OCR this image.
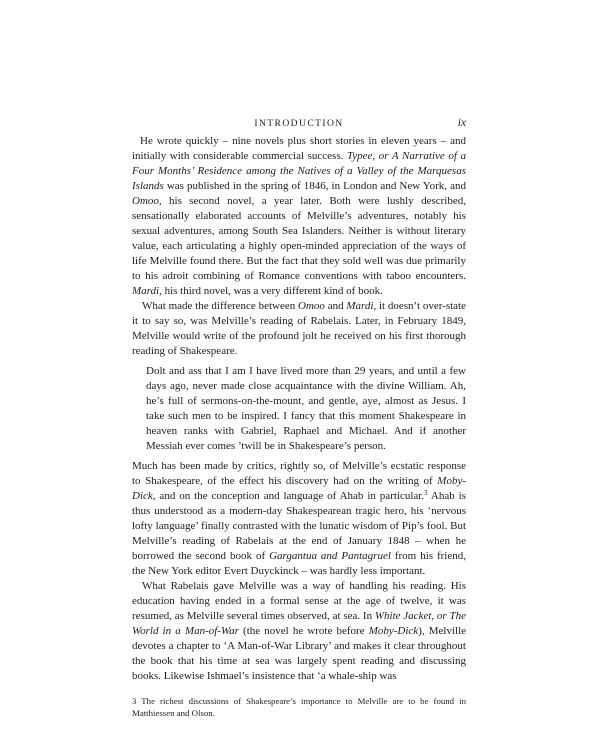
INTRODUCTION	ix

He wrote quickly – nine novels plus short stories in eleven years – and initially with considerable commercial success. Typee, or A Narrative of a Four Months’ Residence among the Natives of a Valley of the Marquesas Islands was published in the spring of 1846, in London and New York, and Omoo, his second novel, a year later. Both were lushly described, sensationally elaborated accounts of Melville’s adventures, notably his sexual adventures, among South Sea Islanders. Neither is without literary value, each articulating a highly open-minded appreciation of the ways of life Melville found there. But the fact that they sold well was due primarily to his adroit combining of Romance conventions with taboo encounters. Mardi, his third novel, was a very different kind of book.

What made the difference between Omoo and Mardi, it doesn’t over-state it to say so, was Melville’s reading of Rabelais. Later, in February 1849, Melville would write of the profound jolt he received on his first thorough reading of Shakespeare.

Dolt and ass that I am I have lived more than 29 years, and until a few days ago, never made close acquaintance with the divine William. Ah, he’s full of sermons-on-the-mount, and gentle, aye, almost as Jesus. I take such men to be inspired. I fancy that this moment Shakespeare in heaven ranks with Gabriel, Raphael and Michael. And if another Messiah ever comes ’twill be in Shakespeare’s person.

Much has been made by critics, rightly so, of Melville’s ecstatic response to Shakespeare, of the effect his discovery had on the writing of Moby-Dick, and on the conception and language of Ahab in particular.$^3$ Ahab is thus understood as a modern-day Shakespearean tragic hero, his ‘nervous lofty language’ finally contrasted with the lunatic wisdom of Pip’s fool. But Melville’s reading of Rabelais at the end of January 1848 – when he borrowed the second book of Gargantua and Pantagruel from his friend, the New York editor Evert Duyckinck – was hardly less important.

What Rabelais gave Melville was a way of handling his reading. His education having ended in a formal sense at the age of twelve, it was resumed, as Melville several times observed, at sea. In White Jacket, or The World in a Man-of-War (the novel he wrote before Moby-Dick), Melville devotes a chapter to ‘A Man-of-War Library’ and makes it clear throughout the book that his time at sea was largely spent reading and discussing books. Likewise Ishmael’s insistence that ‘a whale-ship was

3 The richest discussions of Shakespeare’s importance to Melville are to be found in Matthiessen and Olson.
